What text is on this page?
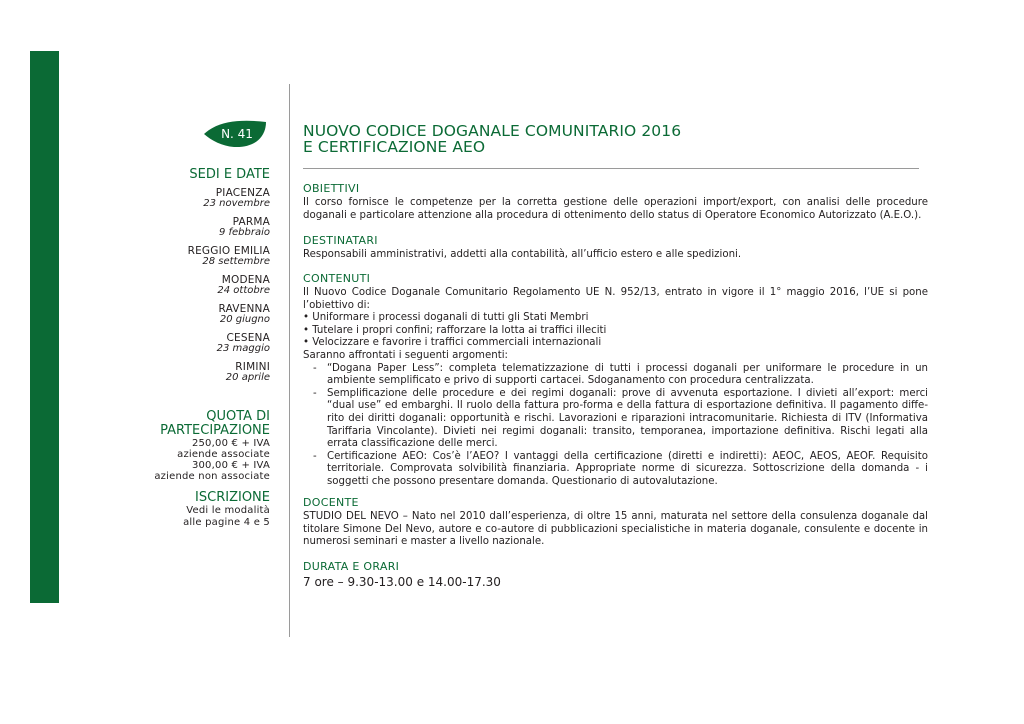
N. 41
SEDI E DATE
PIACENZA
23 novembre
PARMA
9 febbraio
REGGIO EMILIA
28 settembre
MODENA
24 ottobre
RAVENNA
20 giugno
CESENA
23 maggio
RIMINI
20 aprile
QUOTA DI
PARTECIPAZIONE
250,00 € + IVA
aziende associate
300,00 € + IVA
aziende non associate
ISCRIZIONE
Vedi le modalità
alle pagine 4 e 5
NUOVO CODICE DOGANALE COMUNITARIO 2016
E CERTIFICAZIONE AEO
OBIETTIVI

Il corso fornisce le competenze per la corretta gestione delle operazioni import/export, con analisi delle procedure doganali e particolare attenzione alla procedura di ottenimento dello status di Operatore Economico Autorizzato (A.E.O.).

DESTINATARI

Responsabili amministrativi, addetti alla contabilità, all’ufficio estero e alle spedizioni.

CONTENUTI

Il Nuovo Codice Doganale Comunitario Regolamento UE N. 952/13, entrato in vigore il 1° maggio 2016, l’UE si pone l’obiettivo di:

• Uniformare i processi doganali di tutti gli Stati Membri
• Tutelare i propri confini; rafforzare la lotta ai traffici illeciti
• Velocizzare e favorire i traffici commerciali internazionali

Saranno affrontati i seguenti argomenti:

- “Dogana Paper Less”: completa telematizzazione di tutti i processi doganali per uniformare le procedure in un ambiente semplificato e privo di supporti cartacei. Sdoganamento con procedura centralizzata.
- Semplificazione delle procedure e dei regimi doganali: prove di avvenuta esportazione. I divieti all’export: merci “dual use” ed embarghi. Il ruolo della fattura pro-forma e della fattura di esportazione definitiva. Il pagamento diffe-rito dei diritti doganali: opportunità e rischi. Lavorazioni e riparazioni intracomunitarie. Richiesta di ITV (Informativa Tariffaria Vincolante). Divieti nei regimi doganali: transito, temporanea, importazione definitiva. Rischi legati alla errata classificazione delle merci.
- Certificazione AEO: Cos’è l’AEO? I vantaggi della certificazione (diretti e indiretti): AEOC, AEOS, AEOF. Requisito territoriale. Comprovata solvibilità finanziaria. Appropriate norme di sicurezza. Sottoscrizione della domanda - i soggetti che possono presentare domanda. Questionario di autovalutazione.
DOCENTE

STUDIO DEL NEVO – Nato nel 2010 dall’esperienza, di oltre 15 anni, maturata nel settore della consulenza doganale dal titolare Simone Del Nevo, autore e co-autore di pubblicazioni specialistiche in materia doganale, consulente e docente in numerosi seminari e master a livello nazionale.

DURATA E ORARI

7 ore – 9.30-13.00 e 14.00-17.30
